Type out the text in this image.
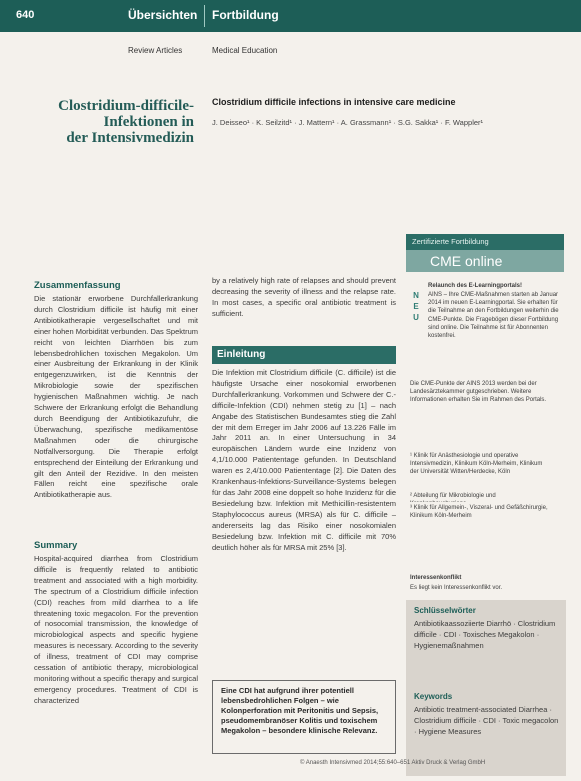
640	Übersichten Fortbildung
Review Articles	Medical Education
Clostridium-difficile-
Infektionen in
der Intensivmedizin
Clostridium difficile infections in intensive care medicine
J. Deisseo¹ · K. Seilzitd¹ · J. Mattern¹ · A. Grassmann¹ · S.G. Sakka¹ · F. Wappler¹
Zusammenfassung
Die stationär erworbene Durchfallerkrankung durch Clostridium difficile ist häufig mit einer Antibiotikatherapie vergesellschaftet und mit einer hohen Morbidität verbunden. Das Spektrum reicht von leichten Diarrhöen bis zum lebensbedrohlichen toxischen Megakolon. Um einer Ausbreitung der Erkrankung in der Klinik entgegenzuwirken, ist die Kenntnis der Mikrobiologie sowie der spezifischen hygienischen Maßnahmen wichtig. Je nach Schwere der Erkrankung erfolgt die Behandlung durch Beendigung der Antibiotikazufuhr, die Überwachung, spezifische medikamentöse Maßnahmen oder die chirurgische Notfallversorgung. Die Therapie erfolgt entsprechend der Einteilung der Erkrankung und gilt den Anteil der Rezidive. In den meisten Fällen reicht eine spezifische orale Antibiotikatherapie aus.
Summary
Hospital-acquired diarrhea from Clostridium difficile is frequently related to antibiotic treatment and associated with a high morbidity. The spectrum of a Clostridium difficile infection (CDI) reaches from mild diarrhea to a life threatening toxic megacolon. For the prevention of nosocomial transmission, the knowledge of microbiological aspects and specific hygiene measures is necessary. According to the severity of illness, treatment of CDI may comprise cessation of antibiotic therapy, microbiological monitoring without a specific therapy and surgical emergency procedures. Treatment of CDI is characterized
by a relatively high rate of relapses and should prevent decreasing the severity of illness and the relapse rate. In most cases, a specific oral antibiotic treatment is sufficient.
Einleitung
Die Infektion mit Clostridium difficile (C. difficile) ist die häufigste Ursache einer nosokomial erworbenen Durchfallerkrankung. Vorkommen und Schwere der C.-difficile-Infektion (CDI) nehmen stetig zu [1] – nach Angabe des Statistischen Bundesamtes stieg die Zahl der mit dem Erreger im Jahr 2006 auf 13.226 Fälle im Jahr 2011 an. In einer Untersuchung in 34 europäischen Ländern wurde eine Inzidenz von 4,1/10.000 Patiententage gefunden. In Deutschland waren es 2,4/10.000 Patiententage [2]. Die Daten des Krankenhaus-Infektions-Surveillance-Systems belegen für das Jahr 2008 eine doppelt so hohe Inzidenz für die Besiedelung bzw. Infektion mit Methicillin-resistentem Staphylococcus aureus (MRSA) als für C. difficile – andererseits lag das Risiko einer nosokomialen Besiedelung bzw. Infektion mit C. difficile mit 70% deutlich höher als für MRSA mit 25% [3].
Eine CDI hat aufgrund ihrer potentiell lebensbedrohlichen Folgen – wie Kolonperforation mit Peritonitis und Sepsis, pseudomembranöser Kolitis und toxischem Megakolon – besondere klinische Relevanz.
Zertifizierte Fortbildung
CME online
N
E
U
Relaunch des E-Learningportals!
AINS – Ihre CME-Maßnahmen starten ab Januar 2014 im neuen E-Learningportal. Sie erhalten für die Teilnahme an den Fortbildungen weiterhin die CME-Punkte. Die Fragebögen dieser Fortbildung sind online. Die Teilnahme ist für Abonnenten kostenfrei.
Die CME-Punkte der AINS 2013 werden bei der Landesärztekammer gutgeschrieben. Weitere Informationen erhalten Sie im Rahmen des Portals.
¹ Klinik für Anästhesiologie und operative Intensivmedizin, Klinikum Köln-Merheim, Klinikum der Universität Witten/Herdecke, Köln
² Abteilung für Mikrobiologie und
³ Klinik für Allgemein-, Viszeral- und Gefäßchirurgie, Klinikum Köln-Merheim
Interessenkonflikt
Es liegt kein Interessenkonflikt vor.
Schlüsselwörter
Antibiotikaassoziierte Diarrhö · Clostridium difficile · CDI · Toxisches Megakolon · Hygienemaßnahmen
Keywords
Antibiotic treatment-associated Diarrhea · Clostridium difficile · CDI · Toxic megacolon · Hygiene Measures
© Anaesth Intensivmed 2014;55:640–651 Aktiv Druck & Verlag GmbH
